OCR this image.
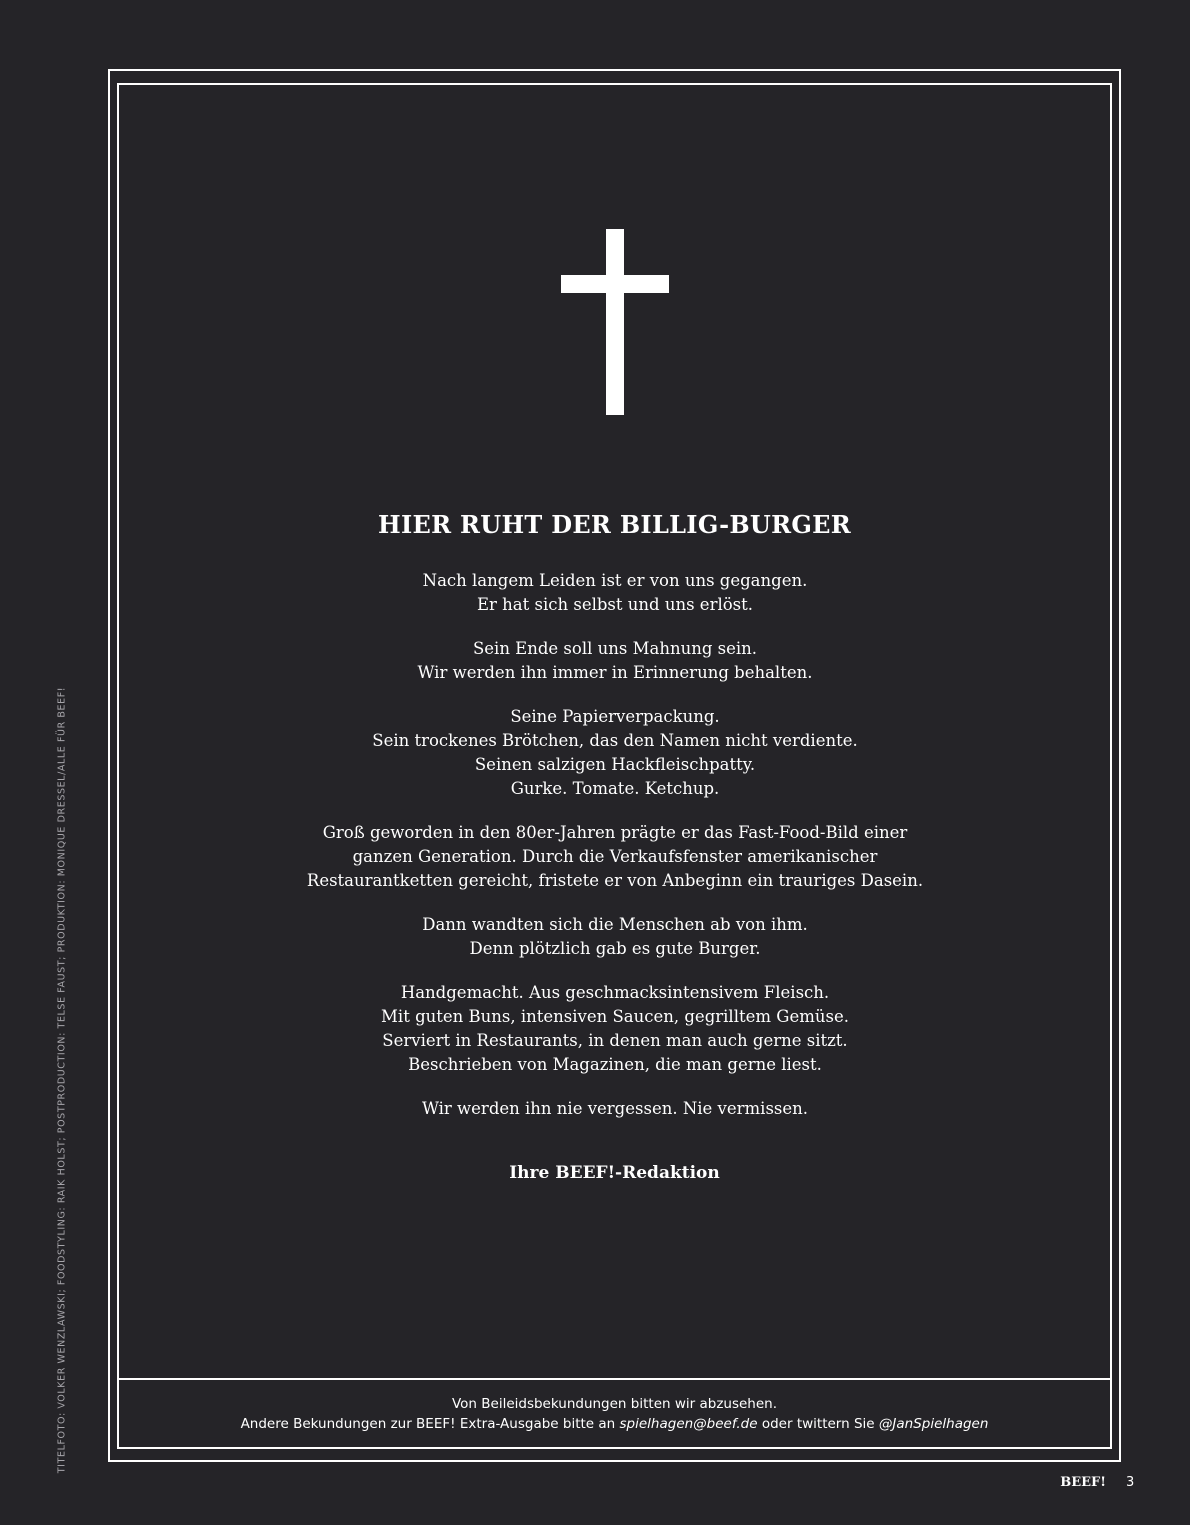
HIER RUHT DER BILLIG-BURGER

Nach langem Leiden ist er von uns gegangen.
Er hat sich selbst und uns erlöst.

Sein Ende soll uns Mahnung sein.
Wir werden ihn immer in Erinnerung behalten.

Seine Papierverpackung.
Sein trockenes Brötchen, das den Namen nicht verdiente.
Seinen salzigen Hackfleischpatty.
Gurke. Tomate. Ketchup.

Groß geworden in den 80er-Jahren prägte er das Fast-Food-Bild einer
ganzen Generation. Durch die Verkaufsfenster amerikanischer
Restaurantketten gereicht, fristete er von Anbeginn ein trauriges Dasein.

Dann wandten sich die Menschen ab von ihm.
Denn plötzlich gab es gute Burger.

Handgemacht. Aus geschmacksintensivem Fleisch.
Mit guten Buns, intensiven Saucen, gegrilltem Gemüse.
Serviert in Restaurants, in denen man auch gerne sitzt.
Beschrieben von Magazinen, die man gerne liest.

Wir werden ihn nie vergessen. Nie vermissen.

Ihre BEEF!-Redaktion
Von Beileidsbekundungen bitten wir abzusehen.
Andere Bekundungen zur BEEF! Extra-Ausgabe bitte an spielhagen@beef.de oder twittern Sie @JanSpielhagen
TITELFOTO: VOLKER WENZLAWSKI; FOODSTYLING: RAIK HOLST; POSTPRODUCTION: TELSE FAUST; PRODUKTION: MONIQUE DRESSEL/ALLE FÜR BEEF!
BEEF! 3
